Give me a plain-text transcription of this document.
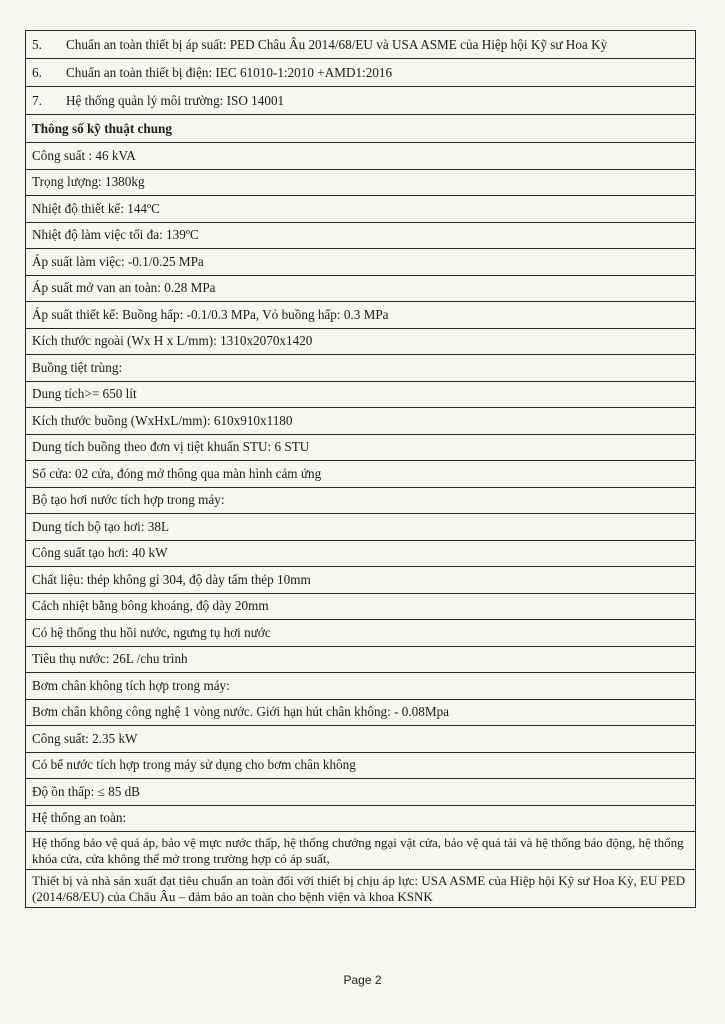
5. Chuẩn an toàn thiết bị áp suất: PED Châu Âu 2014/68/EU và USA ASME của Hiệp hội Kỹ sư Hoa Kỳ
6. Chuẩn an toàn thiết bị điện: IEC 61010-1:2010 +AMD1:2016
7. Hệ thống quản lý môi trường: ISO 14001
Thông số kỹ thuật chung
Công suất : 46 kVA
Trọng lượng: 1380kg
Nhiệt độ thiết kế: 144ºC
Nhiệt độ làm việc tối đa: 139ºC
Áp suất làm việc: -0.1/0.25 MPa
Áp suất mở van an toàn: 0.28 MPa
Áp suất thiết kế: Buồng hấp: -0.1/0.3 MPa, Vỏ buồng hấp: 0.3 MPa
Kích thước ngoài (Wx H x L/mm): 1310x2070x1420
Buồng tiệt trùng:
Dung tích>= 650 lít
Kích thước buồng (WxHxL/mm): 610x910x1180
Dung tích buồng theo đơn vị tiệt khuẩn STU: 6 STU
Số cửa: 02 cửa, đóng mở thông qua màn hình cảm ứng
Bộ tạo hơi nước tích hợp trong máy:
Dung tích bộ tạo hơi: 38L
Công suất tạo hơi: 40 kW
Chất liệu: thép không gỉ 304, độ dày tấm thép 10mm
Cách nhiệt bằng bông khoáng, độ dày 20mm
Có hệ thống thu hồi nước, ngưng tụ hơi nước
Tiêu thụ nước: 26L /chu trình
Bơm chân không tích hợp trong máy:
Bơm chân không công nghệ 1 vòng nước. Giới hạn hút chân không: - 0.08Mpa
Công suất: 2.35 kW
Có bể nước tích hợp trong máy sử dụng cho bơm chân không
Độ ồn thấp: ≤ 85 dB
Hệ thống an toàn:
Hệ thống bảo vệ quá áp, bảo vệ mực nước thấp, hệ thống chướng ngại vật cửa, bảo vệ quá tải và hệ thống báo động, hệ thống khóa cửa, cửa không thể mở trong trường hợp có áp suất,
Thiết bị và nhà sản xuất đạt tiêu chuẩn an toàn đối với thiết bị chịu áp lực: USA ASME của Hiệp hội Kỹ sư Hoa Kỳ, EU PED (2014/68/EU) của Châu Âu – đảm bảo an toàn cho bệnh viện và khoa KSNK
Page 2
